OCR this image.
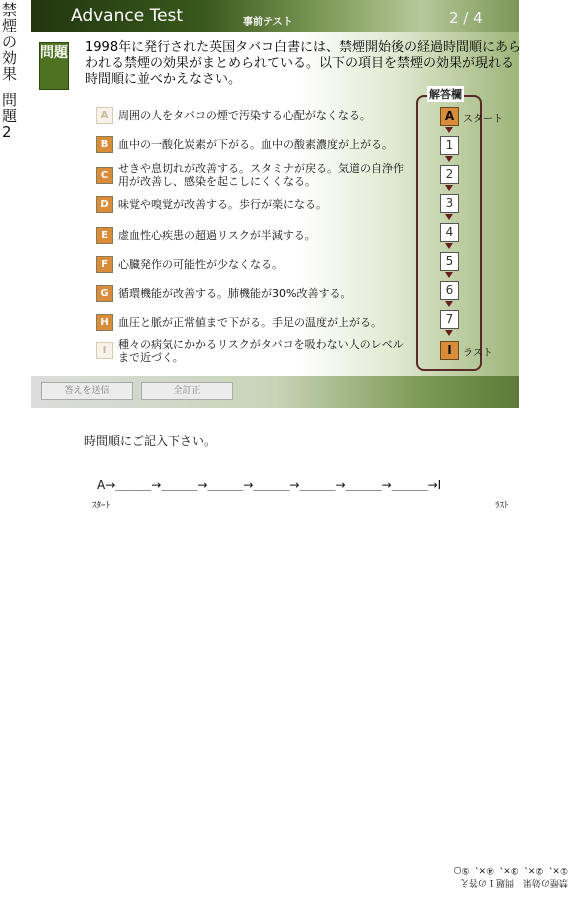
禁煙の効果
問題2
Advance Test	事前テスト	2 / 4
問題 1998年に発行された英国タバコ白書には、禁煙開始後の経過時間順にあらわれる禁煙の効果がまとめられている。以下の項目を禁煙の効果が現れる時間順に並べかえなさい。
A 周囲の人をタバコの煙で汚染する心配がなくなる。
B 血中の一酸化炭素が下がる。血中の酸素濃度が上がる。
C
せきや息切れが改善する。スタミナが戻る。気道の自浄作用が改善し、感染を起こしにくくなる。
D 味覚や嗅覚が改善する。歩行が楽になる。
E 虚血性心疾患の超過リスクが半減する。
F 心臓発作の可能性が少なくなる。
G 循環機能が改善する。肺機能が30%改善する。
H 血圧と脈が正常値まで下がる。手足の温度が上がる。
I	種々の病気にかかるリスクがタバコを吸わない人のレベルまで近づく。
解答欄
A スタート
1
2
3
4
5
6
7
I	ラスト
答えを送信	全訂正
時間順にご記入下さい。
A→＿＿＿→＿＿＿→＿＿＿→＿＿＿→＿＿＿→＿＿＿→＿＿＿→I
ｽﾀｰﾄ	ﾗｽﾄ
禁煙の効果　問題１の答え
①×、②×、③×、④×、⑤○
